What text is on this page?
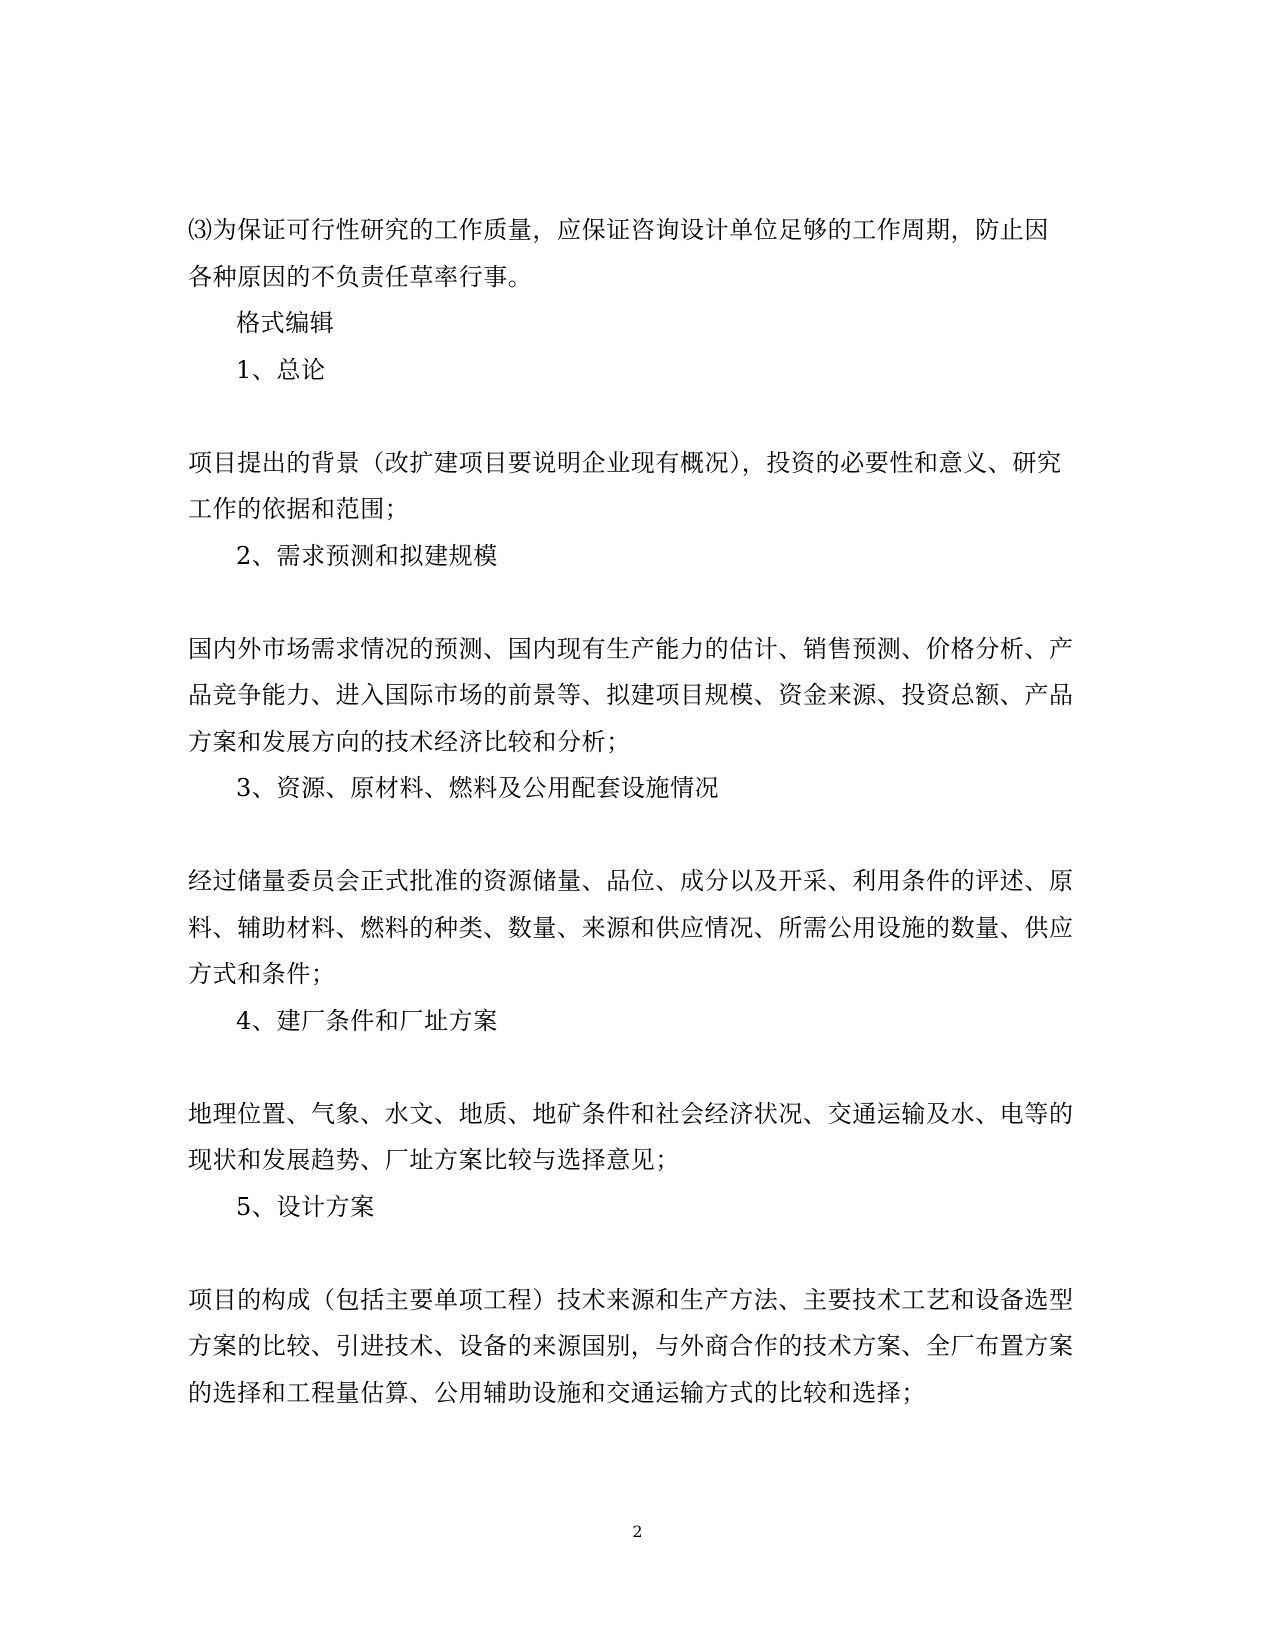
⑶为保证可行性研究的工作质量，应保证咨询设计单位足够的工作周期，防止因
各种原因的不负责任草率行事。
格式编辑
1、总论
项目提出的背景（改扩建项目要说明企业现有概况），投资的必要性和意义、研究
工作的依据和范围；
2、需求预测和拟建规模
国内外市场需求情况的预测、国内现有生产能力的估计、销售预测、价格分析、产
品竞争能力、进入国际市场的前景等、拟建项目规模、资金来源、投资总额、产品
方案和发展方向的技术经济比较和分析；
3、资源、原材料、燃料及公用配套设施情况
经过储量委员会正式批准的资源储量、品位、成分以及开采、利用条件的评述、原
料、辅助材料、燃料的种类、数量、来源和供应情况、所需公用设施的数量、供应
方式和条件；
4、建厂条件和厂址方案
地理位置、气象、水文、地质、地矿条件和社会经济状况、交通运输及水、电等的
现状和发展趋势、厂址方案比较与选择意见；
5、设计方案
项目的构成（包括主要单项工程）技术来源和生产方法、主要技术工艺和设备选型
方案的比较、引进技术、设备的来源国别，与外商合作的技术方案、全厂布置方案
的选择和工程量估算、公用辅助设施和交通运输方式的比较和选择；
2
